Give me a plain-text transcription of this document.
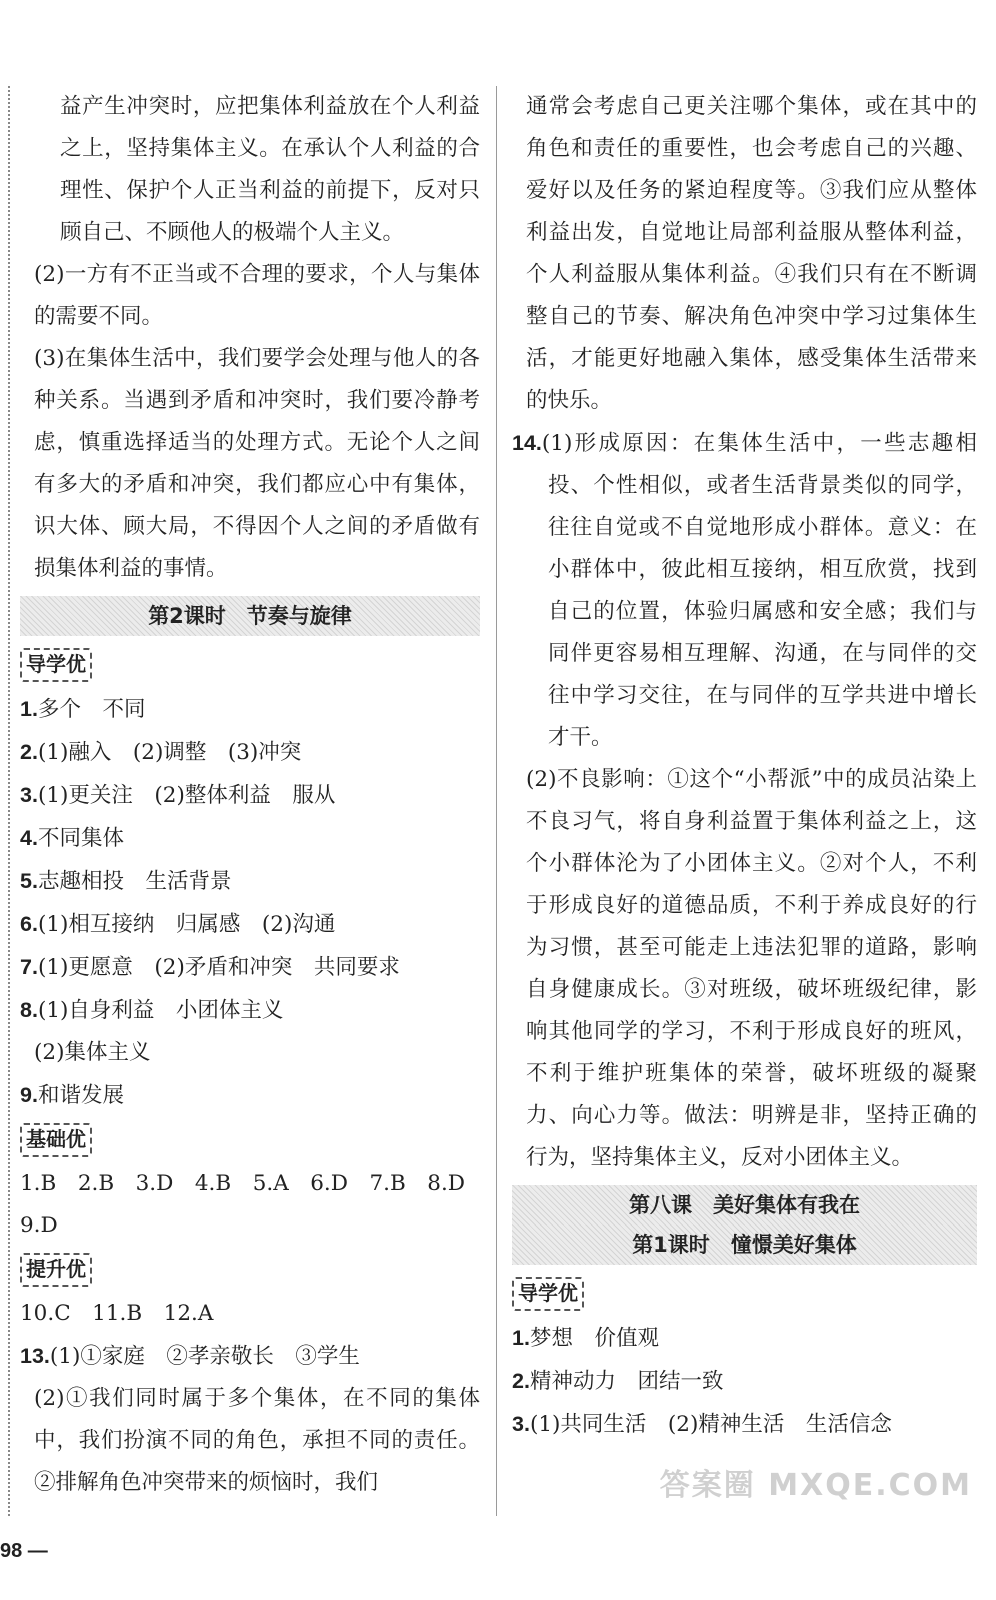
益产生冲突时，应把集体利益放在个人利益之上，坚持集体主义。在承认个人利益的合理性、保护个人正当利益的前提下，反对只顾自己、不顾他人的极端个人主义。

(2)一方有不正当或不合理的要求，个人与集体的需要不同。

(3)在集体生活中，我们要学会处理与他人的各种关系。当遇到矛盾和冲突时，我们要冷静考虑，慎重选择适当的处理方式。无论个人之间有多大的矛盾和冲突，我们都应心中有集体，识大体、顾大局，不得因个人之间的矛盾做有损集体利益的事情。

第2课时　节奏与旋律
导学优
1.多个　不同
2.(1)融入　(2)调整　(3)冲突
3.(1)更关注　(2)整体利益　服从
4.不同集体
5.志趣相投　生活背景
6.(1)相互接纳　归属感　(2)沟通
7.(1)更愿意　(2)矛盾和冲突　共同要求
8.(1)自身利益　小团体主义
(2)集体主义
9.和谐发展
基础优
1.B　2.B　3.D　4.B　5.A　6.D　7.B　8.D
9.D
提升优
10.C　11.B　12.A
13.(1)①家庭　②孝亲敬长　③学生

(2)①我们同时属于多个集体，在不同的集体中，我们扮演不同的角色，承担不同的责任。②排解角色冲突带来的烦恼时，我们

通常会考虑自己更关注哪个集体，或在其中的角色和责任的重要性，也会考虑自己的兴趣、爱好以及任务的紧迫程度等。③我们应从整体利益出发，自觉地让局部利益服从整体利益，个人利益服从集体利益。④我们只有在不断调整自己的节奏、解决角色冲突中学习过集体生活，才能更好地融入集体，感受集体生活带来的快乐。

14.(1)形成原因：在集体生活中，一些志趣相投、个性相似，或者生活背景类似的同学，往往自觉或不自觉地形成小群体。意义：在小群体中，彼此相互接纳，相互欣赏，找到自己的位置，体验归属感和安全感；我们与同伴更容易相互理解、沟通，在与同伴的交往中学习交往，在与同伴的互学共进中增长才干。

(2)不良影响：①这个“小帮派”中的成员沾染上不良习气，将自身利益置于集体利益之上，这个小群体沦为了小团体主义。②对个人，不利于形成良好的道德品质，不利于养成良好的行为习惯，甚至可能走上违法犯罪的道路，影响自身健康成长。③对班级，破坏班级纪律，影响其他同学的学习，不利于形成良好的班风，不利于维护班集体的荣誉，破坏班级的凝聚力、向心力等。做法：明辨是非，坚持正确的行为，坚持集体主义，反对小团体主义。

第八课　美好集体有我在
第1课时　憧憬美好集体
导学优
1.梦想　价值观
2.精神动力　团结一致
3.(1)共同生活　(2)精神生活　生活信念
98 —
答案圈 MXQE.COM
